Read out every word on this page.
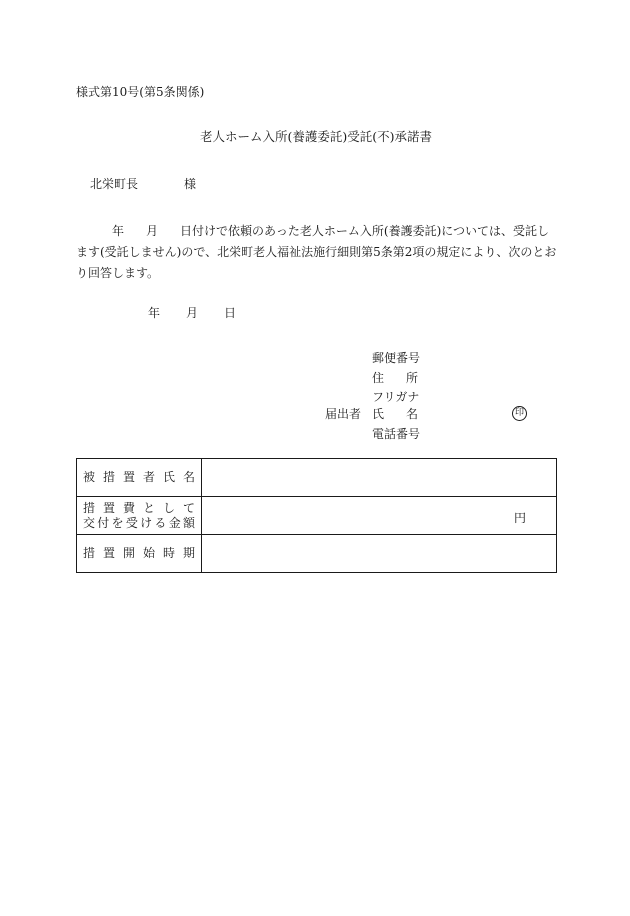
様式第10号(第5条関係)
老人ホーム入所(養護委託)受託(不)承諾書
北栄町長	様
年 月 日付けで依頼のあった老人ホーム入所(養護委託)については、受託し
ます(受託しません)ので、北栄町老人福祉法施行細則第5条第2項の規定により、次のとお
り回答します。
年 月 日
郵便番号
住　所
フリガナ
届出者 氏　名	印
電話番号
被措置者氏名	

措置費として
交付を受ける金額	円

措置開始時期	
